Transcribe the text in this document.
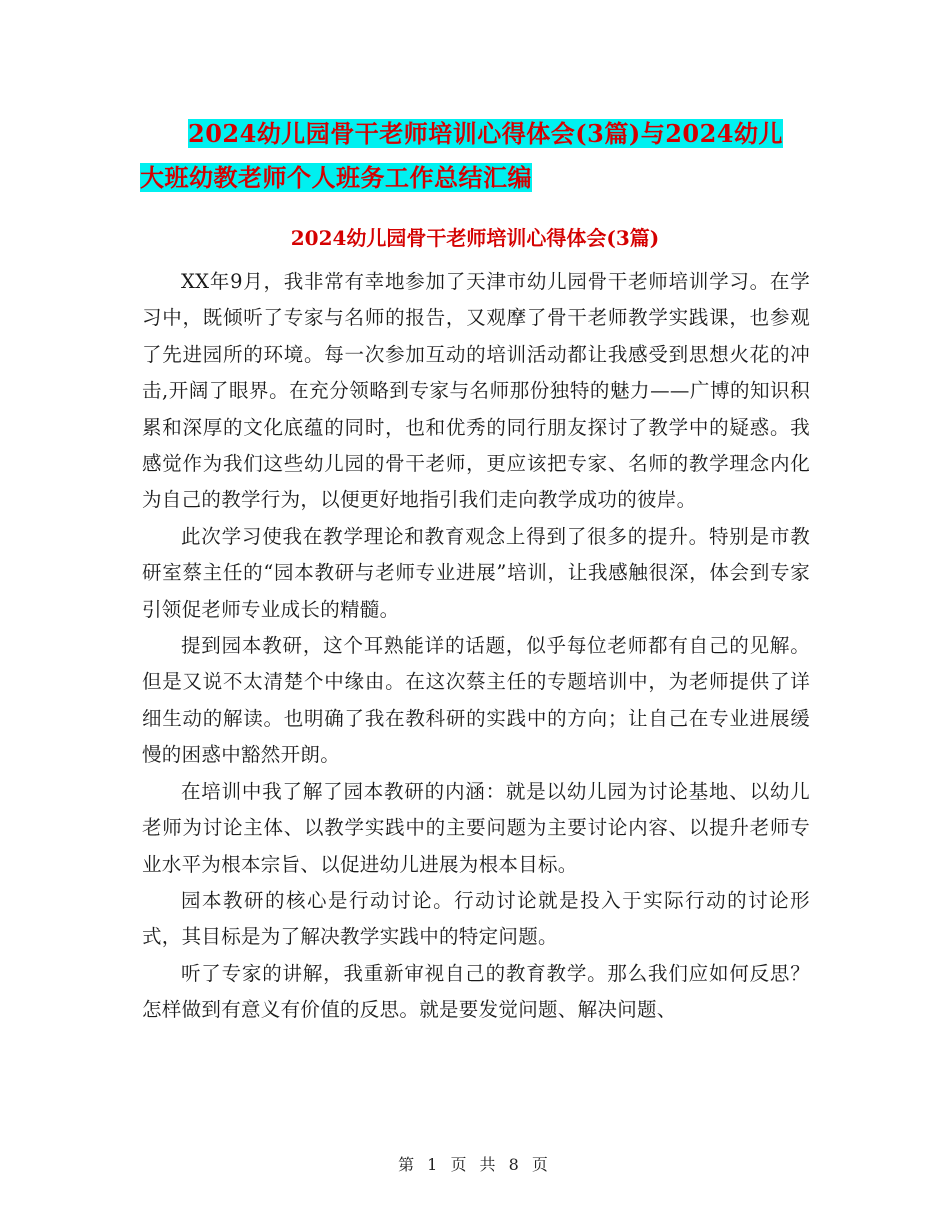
2024幼儿园骨干老师培训心得体会(3篇)与2024幼儿
大班幼教老师个人班务工作总结汇编
2024幼儿园骨干老师培训心得体会(3篇)

XX年9月，我非常有幸地参加了天津市幼儿园骨干老师培训学习。在学习中，既倾听了专家与名师的报告，又观摩了骨干老师教学实践课，也参观了先进园所的环境。每一次参加互动的培训活动都让我感受到思想火花的冲击,开阔了眼界。在充分领略到专家与名师那份独特的魅力——广博的知识积累和深厚的文化底蕴的同时，也和优秀的同行朋友探讨了教学中的疑惑。我感觉作为我们这些幼儿园的骨干老师，更应该把专家、名师的教学理念内化为自己的教学行为，以便更好地指引我们走向教学成功的彼岸。

此次学习使我在教学理论和教育观念上得到了很多的提升。特别是市教研室蔡主任的“园本教研与老师专业进展”培训，让我感触很深，体会到专家引领促老师专业成长的精髓。

提到园本教研，这个耳熟能详的话题，似乎每位老师都有自己的见解。但是又说不太清楚个中缘由。在这次蔡主任的专题培训中，为老师提供了详细生动的解读。也明确了我在教科研的实践中的方向；让自己在专业进展缓慢的困惑中豁然开朗。

在培训中我了解了园本教研的内涵：就是以幼儿园为讨论基地、以幼儿老师为讨论主体、以教学实践中的主要问题为主要讨论内容、以提升老师专业水平为根本宗旨、以促进幼儿进展为根本目标。

园本教研的核心是行动讨论。行动讨论就是投入于实际行动的讨论形式，其目标是为了解决教学实践中的特定问题。

听了专家的讲解，我重新审视自己的教育教学。那么我们应如何反思？怎样做到有意义有价值的反思。就是要发觉问题、解决问题、

第 1 页 共 8 页
